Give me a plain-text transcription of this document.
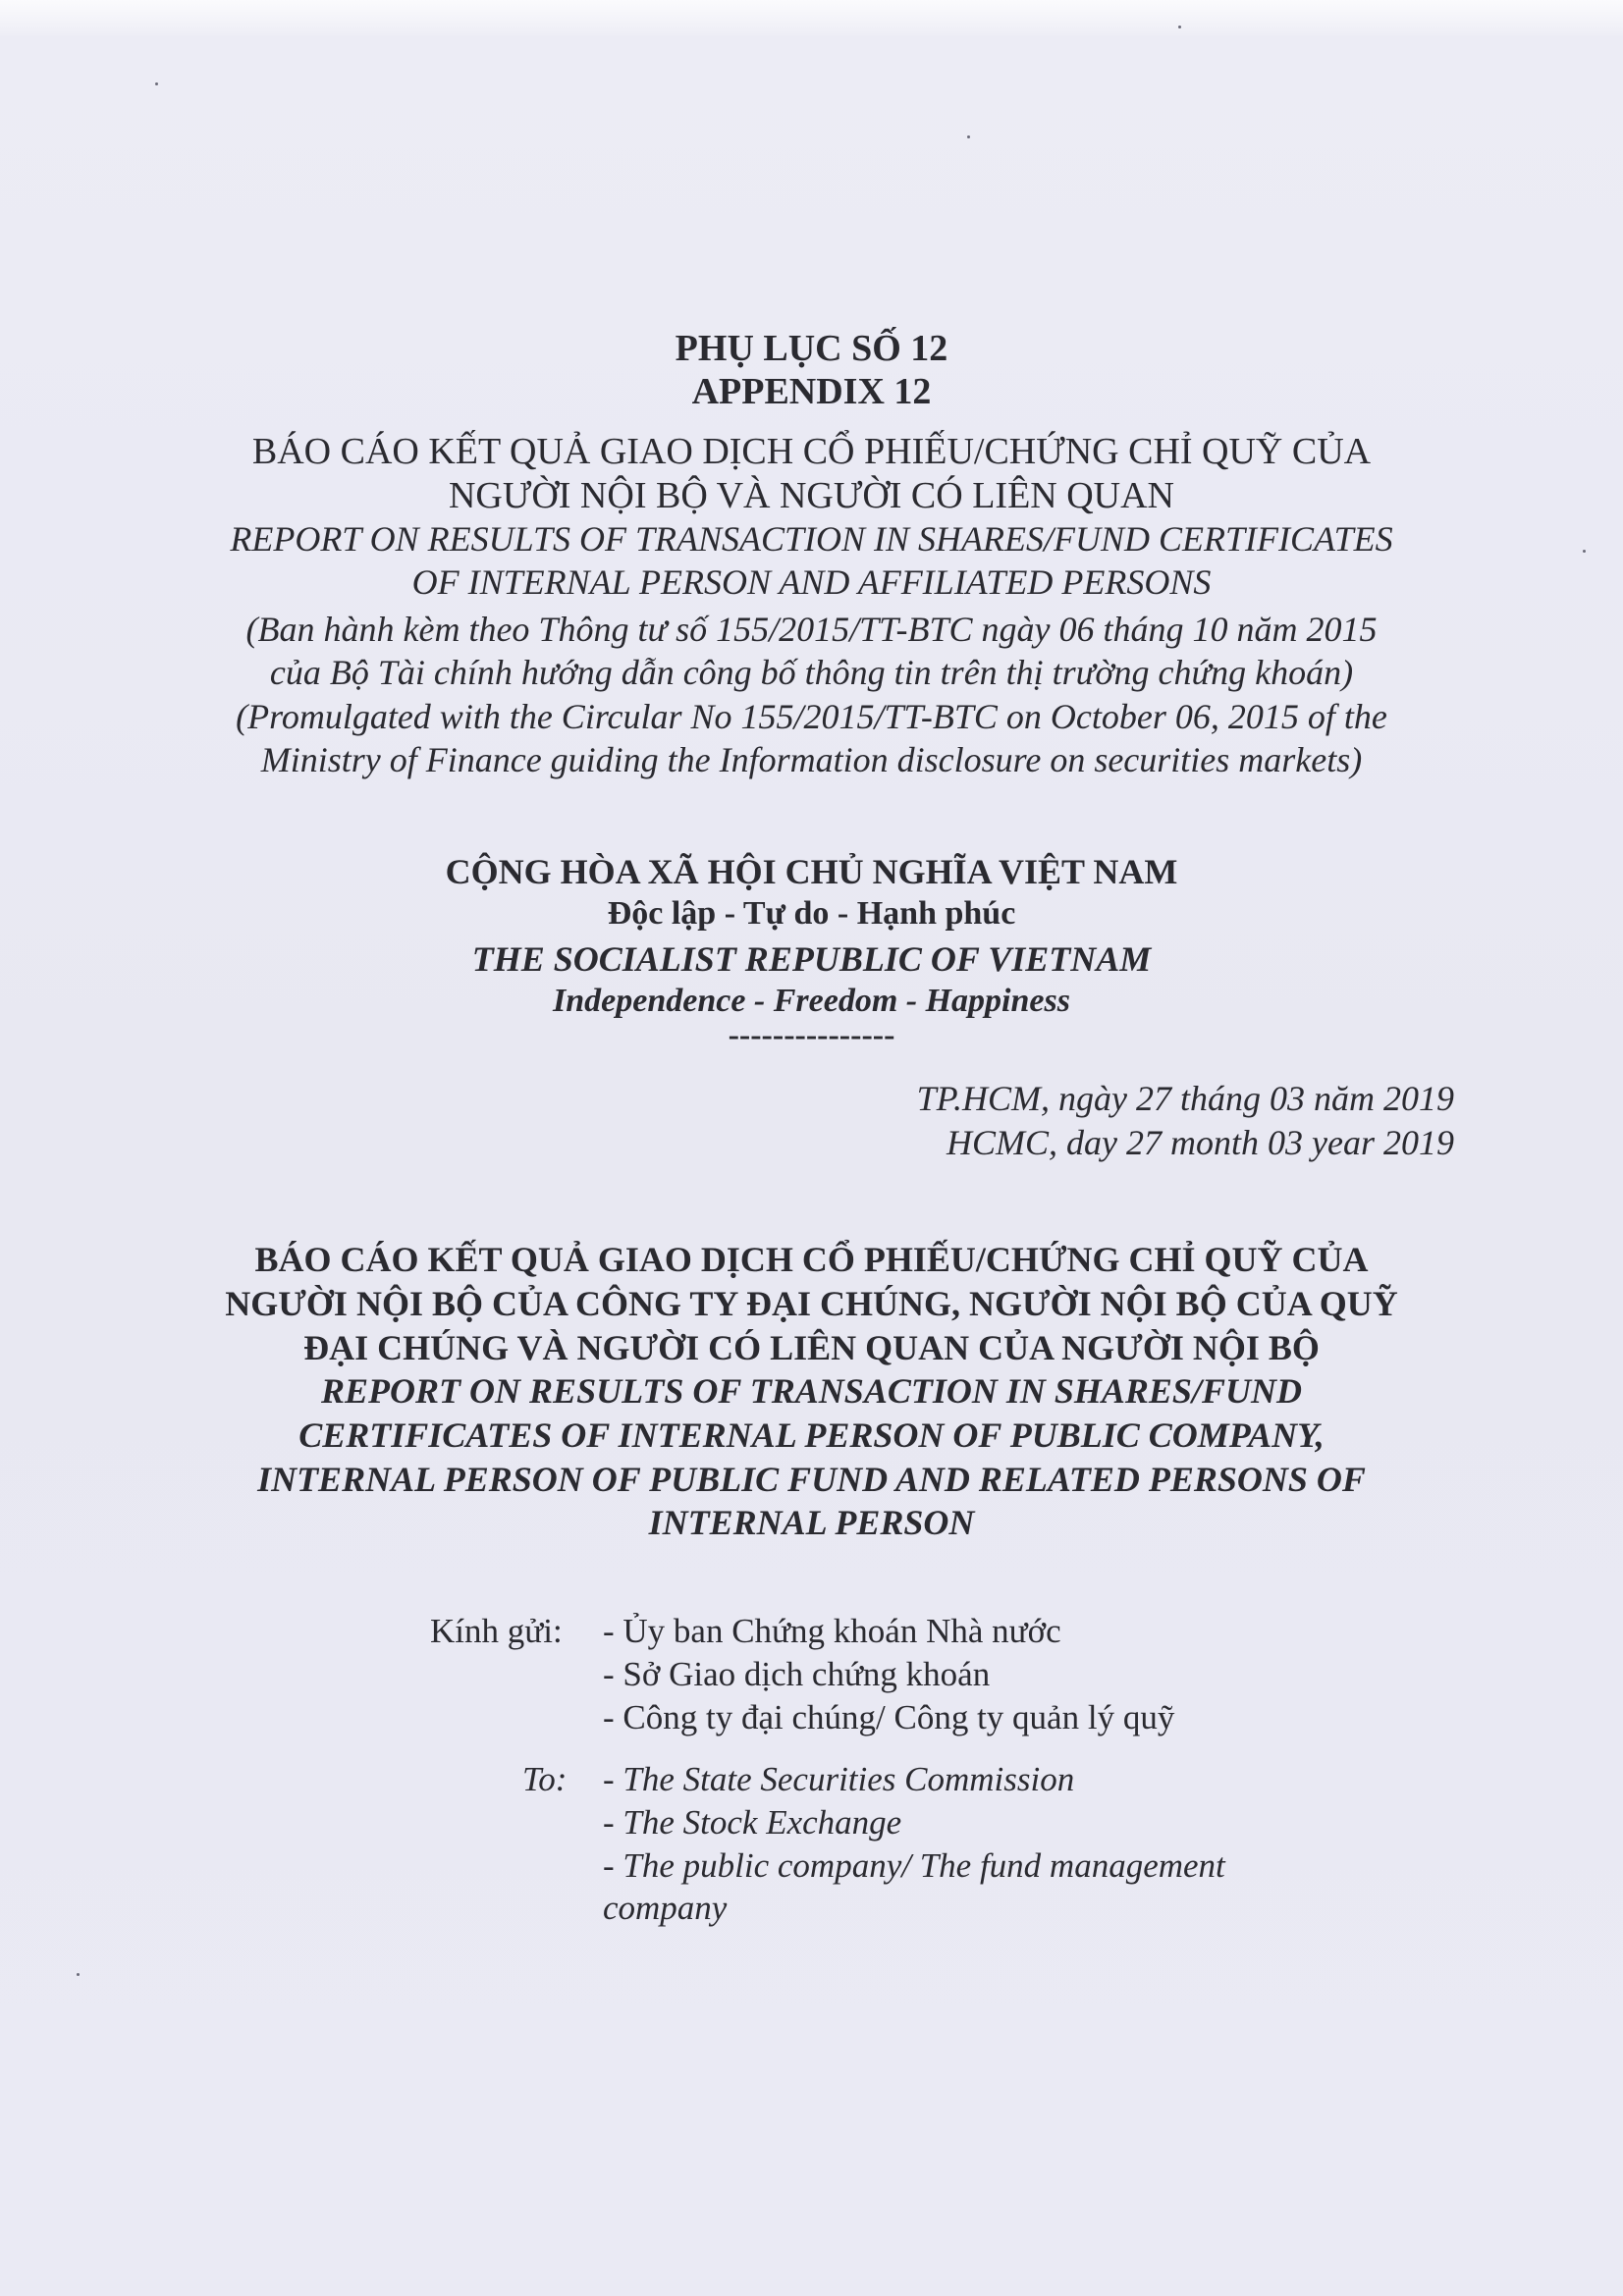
PHỤ LỤC SỐ 12
APPENDIX 12
BÁO CÁO KẾT QUẢ GIAO DỊCH CỔ PHIẾU/CHỨNG CHỈ QUỸ CỦA
NGƯỜI NỘI BỘ VÀ NGƯỜI CÓ LIÊN QUAN
REPORT ON RESULTS OF TRANSACTION IN SHARES/FUND CERTIFICATES
OF INTERNAL PERSON AND AFFILIATED PERSONS
(Ban hành kèm theo Thông tư số 155/2015/TT-BTC ngày 06 tháng 10 năm 2015
của Bộ Tài chính hướng dẫn công bố thông tin trên thị trường chứng khoán)
(Promulgated with the Circular No 155/2015/TT-BTC on October 06, 2015 of the
Ministry of Finance guiding the Information disclosure on securities markets)
CỘNG HÒA XÃ HỘI CHỦ NGHĨA VIỆT NAM
Độc lập - Tự do - Hạnh phúc
THE SOCIALIST REPUBLIC OF VIETNAM
Independence - Freedom - Happiness
---------------
TP.HCM, ngày 27 tháng 03 năm 2019
HCMC, day 27 month 03 year 2019
BÁO CÁO KẾT QUẢ GIAO DỊCH CỔ PHIẾU/CHỨNG CHỈ QUỸ CỦA
NGƯỜI NỘI BỘ CỦA CÔNG TY ĐẠI CHÚNG, NGƯỜI NỘI BỘ CỦA QUỸ
ĐẠI CHÚNG VÀ NGƯỜI CÓ LIÊN QUAN CỦA NGƯỜI NỘI BỘ
REPORT ON RESULTS OF TRANSACTION IN SHARES/FUND
CERTIFICATES OF INTERNAL PERSON OF PUBLIC COMPANY,
INTERNAL PERSON OF PUBLIC FUND AND RELATED PERSONS OF
INTERNAL PERSON
Kính gửi: - Ủy ban Chứng khoán Nhà nước
- Sở Giao dịch chứng khoán
- Công ty đại chúng/ Công ty quản lý quỹ
To: - The State Securities Commission
- The Stock Exchange
- The public company/ The fund management
company
